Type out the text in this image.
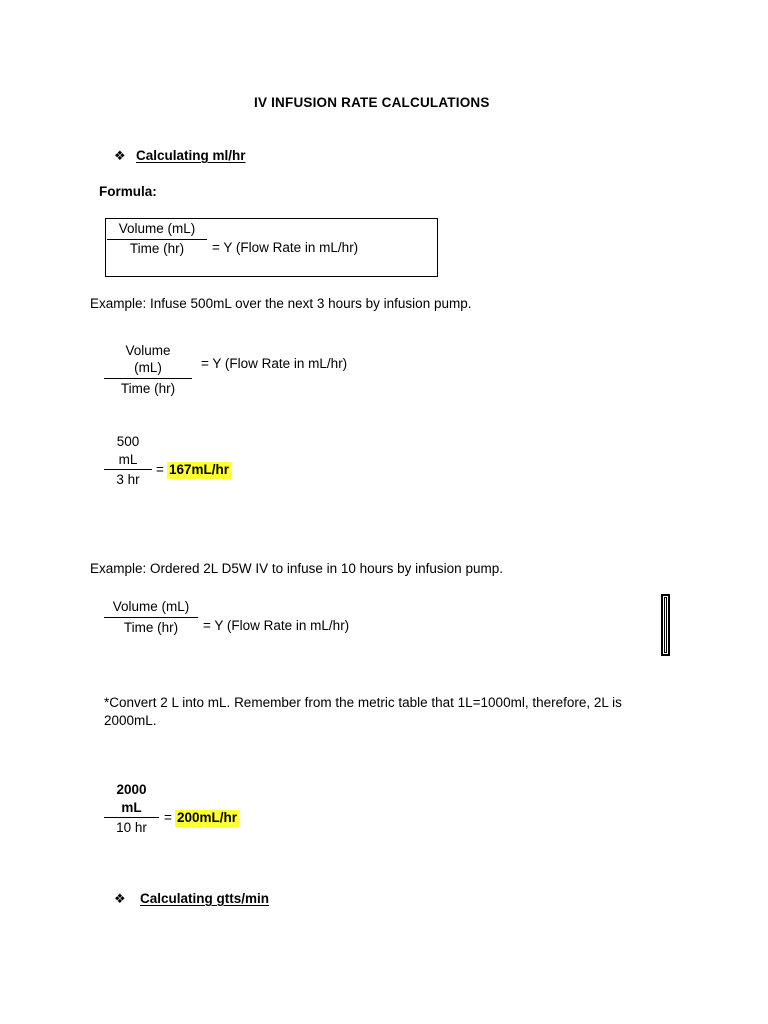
IV INFUSION RATE CALCULATIONS
❖ Calculating ml/hr
Formula:
Volume (mL)
Time (hr)	= Y (Flow Rate in mL/hr)
Example: Infuse 500mL over the next 3 hours by infusion pump.
Volume
(mL)
Time (hr)
= Y (Flow Rate in mL/hr)
500
mL
3 hr
= 167mL/hr
Example: Ordered 2L D5W IV to infuse in 10 hours by infusion pump.
Volume (mL)
Time (hr)	= Y (Flow Rate in mL/hr)
*Convert 2 L into mL. Remember from the metric table that 1L=1000ml, therefore, 2L is 2000mL.
2000
mL
10 hr
= 200mL/hr
❖ Calculating gtts/min
